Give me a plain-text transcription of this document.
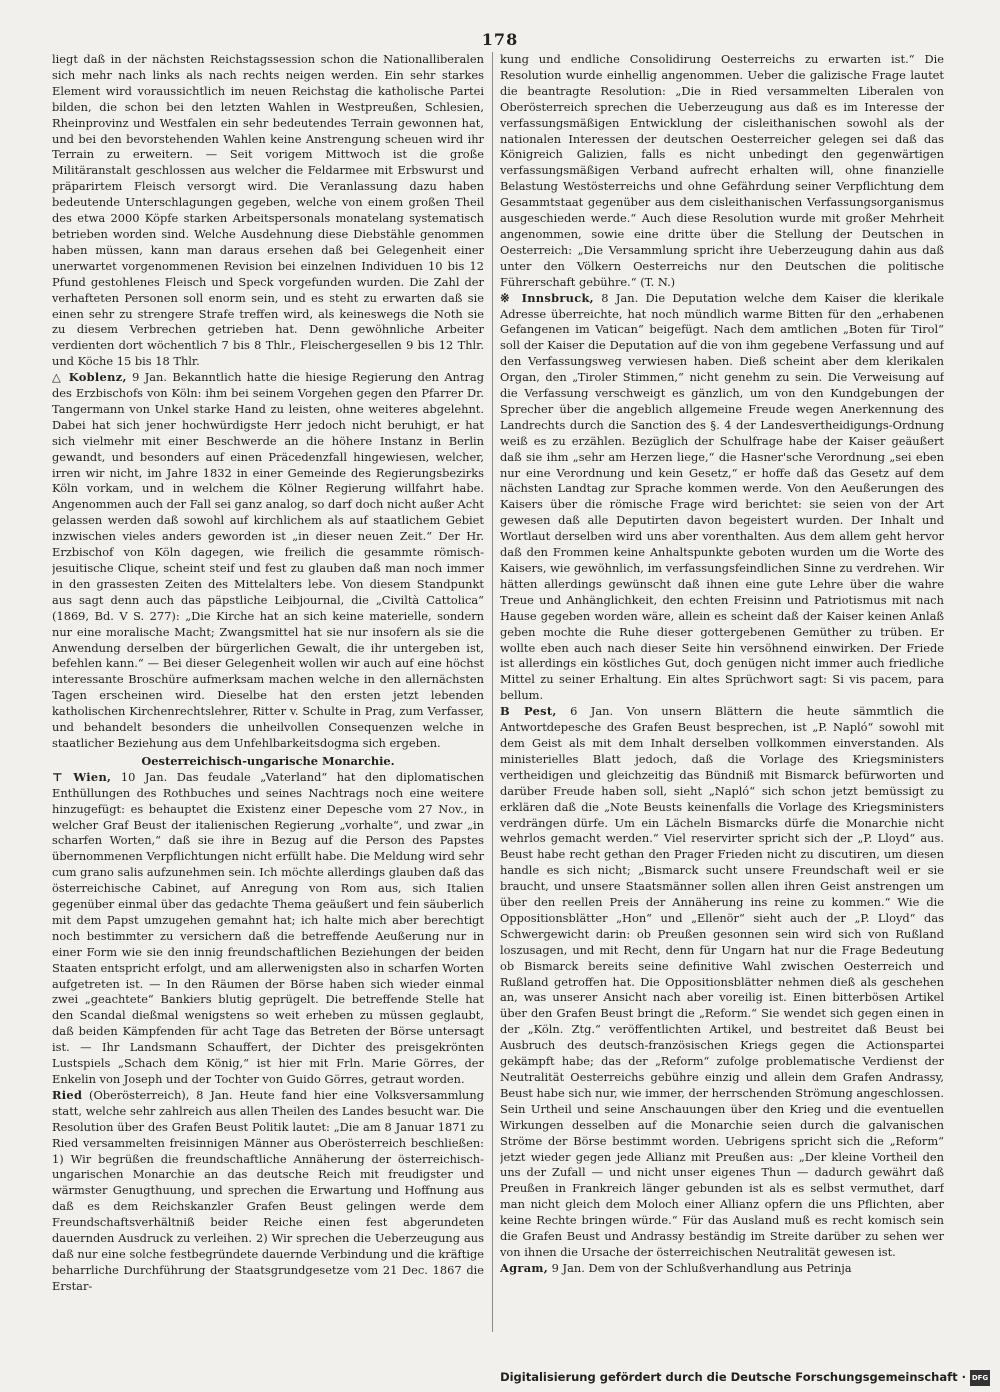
178

liegt daß in der nächsten Reichstagssession schon die Nationalliberalen sich mehr nach links als nach rechts neigen werden. Ein sehr starkes Element wird voraussichtlich im neuen Reichstag die katholische Partei bilden, die schon bei den letzten Wahlen in Westpreußen, Schlesien, Rheinprovinz und Westfalen ein sehr bedeutendes Terrain gewonnen hat, und bei den bevorstehenden Wahlen keine Anstrengung scheuen wird ihr Terrain zu erweitern. — Seit vorigem Mittwoch ist die große Militäranstalt geschlossen aus welcher die Feldarmee mit Erbswurst und präparirtem Fleisch versorgt wird. Die Veranlassung dazu haben bedeutende Unterschlagungen gegeben, welche von einem großen Theil des etwa 2000 Köpfe starken Arbeitspersonals monatelang systematisch betrieben worden sind. Welche Ausdehnung diese Diebstähle genommen haben müssen, kann man daraus ersehen daß bei Gelegenheit einer unerwartet vorgenommenen Revision bei einzelnen Individuen 10 bis 12 Pfund gestohlenes Fleisch und Speck vorgefunden wurden. Die Zahl der verhafteten Personen soll enorm sein, und es steht zu erwarten daß sie einen sehr zu strengere Strafe treffen wird, als keineswegs die Noth sie zu diesem Verbrechen getrieben hat. Denn gewöhnliche Arbeiter verdienten dort wöchentlich 7 bis 8 Thlr., Fleischergesellen 9 bis 12 Thlr. und Köche 15 bis 18 Thlr.

△ Koblenz, 9 Jan. Bekanntlich hatte die hiesige Regierung den Antrag des Erzbischofs von Köln: ihm bei seinem Vorgehen gegen den Pfarrer Dr. Tangermann von Unkel starke Hand zu leisten, ohne weiteres abgelehnt. Dabei hat sich jener hochwürdigste Herr jedoch nicht beruhigt, er hat sich vielmehr mit einer Beschwerde an die höhere Instanz in Berlin gewandt, und besonders auf einen Präcedenzfall hingewiesen, welcher, irren wir nicht, im Jahre 1832 in einer Gemeinde des Regierungsbezirks Köln vorkam, und in welchem die Kölner Regierung willfahrt habe. Angenommen auch der Fall sei ganz analog, so darf doch nicht außer Acht gelassen werden daß sowohl auf kirchlichem als auf staatlichem Gebiet inzwischen vieles anders geworden ist „in dieser neuen Zeit.“ Der Hr. Erzbischof von Köln dagegen, wie freilich die gesammte römisch-jesuitische Clique, scheint steif und fest zu glauben daß man noch immer in den grassesten Zeiten des Mittelalters lebe. Von diesem Standpunkt aus sagt denn auch das päpstliche Leibjournal, die „Civiltà Cattolica“ (1869, Bd. V S. 277): „Die Kirche hat an sich keine materielle, sondern nur eine moralische Macht; Zwangsmittel hat sie nur insofern als sie die Anwendung derselben der bürgerlichen Gewalt, die ihr untergeben ist, befehlen kann.“ — Bei dieser Gelegenheit wollen wir auch auf eine höchst interessante Broschüre aufmerksam machen welche in den allernächsten Tagen erscheinen wird. Dieselbe hat den ersten jetzt lebenden katholischen Kirchenrechtslehrer, Ritter v. Schulte in Prag, zum Verfasser, und behandelt besonders die unheilvollen Consequenzen welche in staatlicher Beziehung aus dem Unfehlbarkeitsdogma sich ergeben.

Oesterreichisch-ungarische Monarchie.

⊤ Wien, 10 Jan. Das feudale „Vaterland“ hat den diplomatischen Enthüllungen des Rothbuches und seines Nachtrags noch eine weitere hinzugefügt: es behauptet die Existenz einer Depesche vom 27 Nov., in welcher Graf Beust der italienischen Regierung „vorhalte“, und zwar „in scharfen Worten,“ daß sie ihre in Bezug auf die Person des Papstes übernommenen Verpflichtungen nicht erfüllt habe. Die Meldung wird sehr cum grano salis aufzunehmen sein. Ich möchte allerdings glauben daß das österreichische Cabinet, auf Anregung von Rom aus, sich Italien gegenüber einmal über das gedachte Thema geäußert und fein säuberlich mit dem Papst umzugehen gemahnt hat; ich halte mich aber berechtigt noch bestimmter zu versichern daß die betreffende Aeußerung nur in einer Form wie sie den innig freundschaftlichen Beziehungen der beiden Staaten entspricht erfolgt, und am allerwenigsten also in scharfen Worten aufgetreten ist. — In den Räumen der Börse haben sich wieder einmal zwei „geachtete“ Bankiers blutig geprügelt. Die betreffende Stelle hat den Scandal dießmal wenigstens so weit erheben zu müssen geglaubt, daß beiden Kämpfenden für acht Tage das Betreten der Börse untersagt ist. — Ihr Landsmann Schauffert, der Dichter des preisgekrönten Lustspiels „Schach dem König,“ ist hier mit Frln. Marie Görres, der Enkelin von Joseph und der Tochter von Guido Görres, getraut worden.

Ried (Oberösterreich), 8 Jan. Heute fand hier eine Volksversammlung statt, welche sehr zahlreich aus allen Theilen des Landes besucht war. Die Resolution über des Grafen Beust Politik lautet: „Die am 8 Januar 1871 zu Ried versammelten freisinnigen Männer aus Oberösterreich beschließen: 1) Wir begrüßen die freundschaftliche Annäherung der österreichisch-ungarischen Monarchie an das deutsche Reich mit freudigster und wärmster Genugthuung, und sprechen die Erwartung und Hoffnung aus daß es dem Reichskanzler Grafen Beust gelingen werde dem Freundschaftsverhältniß beider Reiche einen fest abgerundeten dauernden Ausdruck zu verleihen. 2) Wir sprechen die Ueberzeugung aus daß nur eine solche festbegründete dauernde Verbindung und die kräftige beharrliche Durchführung der Staatsgrundgesetze vom 21 Dec. 1867 die Erstar-

kung und endliche Consolidirung Oesterreichs zu erwarten ist.“ Die Resolution wurde einhellig angenommen. Ueber die galizische Frage lautet die beantragte Resolution: „Die in Ried versammelten Liberalen von Oberösterreich sprechen die Ueberzeugung aus daß es im Interesse der verfassungsmäßigen Entwicklung der cisleithanischen sowohl als der nationalen Interessen der deutschen Oesterreicher gelegen sei daß das Königreich Galizien, falls es nicht unbedingt den gegenwärtigen verfassungsmäßigen Verband aufrecht erhalten will, ohne finanzielle Belastung Westösterreichs und ohne Gefährdung seiner Verpflichtung dem Gesammtstaat gegenüber aus dem cisleithanischen Verfassungsorganismus ausgeschieden werde.“ Auch diese Resolution wurde mit großer Mehrheit angenommen, sowie eine dritte über die Stellung der Deutschen in Oesterreich: „Die Versammlung spricht ihre Ueberzeugung dahin aus daß unter den Völkern Oesterreichs nur den Deutschen die politische Führerschaft gebühre.“ (T. N.)

※ Innsbruck, 8 Jan. Die Deputation welche dem Kaiser die klerikale Adresse überreichte, hat noch mündlich warme Bitten für den „erhabenen Gefangenen im Vatican“ beigefügt. Nach dem amtlichen „Boten für Tirol“ soll der Kaiser die Deputation auf die von ihm gegebene Verfassung und auf den Verfassungsweg verwiesen haben. Dieß scheint aber dem klerikalen Organ, den „Tiroler Stimmen,“ nicht genehm zu sein. Die Verweisung auf die Verfassung verschweigt es gänzlich, um von den Kundgebungen der Sprecher über die angeblich allgemeine Freude wegen Anerkennung des Landrechts durch die Sanction des §. 4 der Landesvertheidigungs-Ordnung weiß es zu erzählen. Bezüglich der Schulfrage habe der Kaiser geäußert daß sie ihm „sehr am Herzen liege,“ die Hasner'sche Verordnung „sei eben nur eine Verordnung und kein Gesetz,“ er hoffe daß das Gesetz auf dem nächsten Landtag zur Sprache kommen werde. Von den Aeußerungen des Kaisers über die römische Frage wird berichtet: sie seien von der Art gewesen daß alle Deputirten davon begeistert wurden. Der Inhalt und Wortlaut derselben wird uns aber vorenthalten. Aus dem allem geht hervor daß den Frommen keine Anhaltspunkte geboten wurden um die Worte des Kaisers, wie gewöhnlich, im verfassungsfeindlichen Sinne zu verdrehen. Wir hätten allerdings gewünscht daß ihnen eine gute Lehre über die wahre Treue und Anhänglichkeit, den echten Freisinn und Patriotismus mit nach Hause gegeben worden wäre, allein es scheint daß der Kaiser keinen Anlaß geben mochte die Ruhe dieser gottergebenen Gemüther zu trüben. Er wollte eben auch nach dieser Seite hin versöhnend einwirken. Der Friede ist allerdings ein köstliches Gut, doch genügen nicht immer auch friedliche Mittel zu seiner Erhaltung. Ein altes Sprüchwort sagt: Si vis pacem, para bellum.

B Pest, 6 Jan. Von unsern Blättern die heute sämmtlich die Antwortdepesche des Grafen Beust besprechen, ist „P. Napló“ sowohl mit dem Geist als mit dem Inhalt derselben vollkommen einverstanden. Als ministerielles Blatt jedoch, daß die Vorlage des Kriegsministers vertheidigen und gleichzeitig das Bündniß mit Bismarck befürworten und darüber Freude haben soll, sieht „Napló“ sich schon jetzt bemüssigt zu erklären daß die „Note Beusts keinenfalls die Vorlage des Kriegsministers verdrängen dürfe. Um ein Lächeln Bismarcks dürfe die Monarchie nicht wehrlos gemacht werden.“ Viel reservirter spricht sich der „P. Lloyd“ aus. Beust habe recht gethan den Prager Frieden nicht zu discutiren, um diesen handle es sich nicht; „Bismarck sucht unsere Freundschaft weil er sie braucht, und unsere Staatsmänner sollen allen ihren Geist anstrengen um über den reellen Preis der Annäherung ins reine zu kommen.“ Wie die Oppositionsblätter „Hon“ und „Ellenör“ sieht auch der „P. Lloyd“ das Schwergewicht darin: ob Preußen gesonnen sein wird sich von Rußland loszusagen, und mit Recht, denn für Ungarn hat nur die Frage Bedeutung ob Bismarck bereits seine definitive Wahl zwischen Oesterreich und Rußland getroffen hat. Die Oppositionsblätter nehmen dieß als geschehen an, was unserer Ansicht nach aber voreilig ist. Einen bitterbösen Artikel über den Grafen Beust bringt die „Reform.“ Sie wendet sich gegen einen in der „Köln. Ztg.“ veröffentlichten Artikel, und bestreitet daß Beust bei Ausbruch des deutsch-französischen Kriegs gegen die Actionspartei gekämpft habe; das der „Reform“ zufolge problematische Verdienst der Neutralität Oesterreichs gebühre einzig und allein dem Grafen Andrassy, Beust habe sich nur, wie immer, der herrschenden Strömung angeschlossen. Sein Urtheil und seine Anschauungen über den Krieg und die eventuellen Wirkungen desselben auf die Monarchie seien durch die galvanischen Ströme der Börse bestimmt worden. Uebrigens spricht sich die „Reform“ jetzt wieder gegen jede Allianz mit Preußen aus: „Der kleine Vortheil den uns der Zufall — und nicht unser eigenes Thun — dadurch gewährt daß Preußen in Frankreich länger gebunden ist als es selbst vermuthet, darf man nicht gleich dem Moloch einer Allianz opfern die uns Pflichten, aber keine Rechte bringen würde.“ Für das Ausland muß es recht komisch sein die Grafen Beust und Andrassy beständig im Streite darüber zu sehen wer von ihnen die Ursache der österreichischen Neutralität gewesen ist.

Agram, 9 Jan. Dem von der Schlußverhandlung aus Petrinja

Digitalisierung gefördert durch die Deutsche Forschungsgemeinschaft · DFG
